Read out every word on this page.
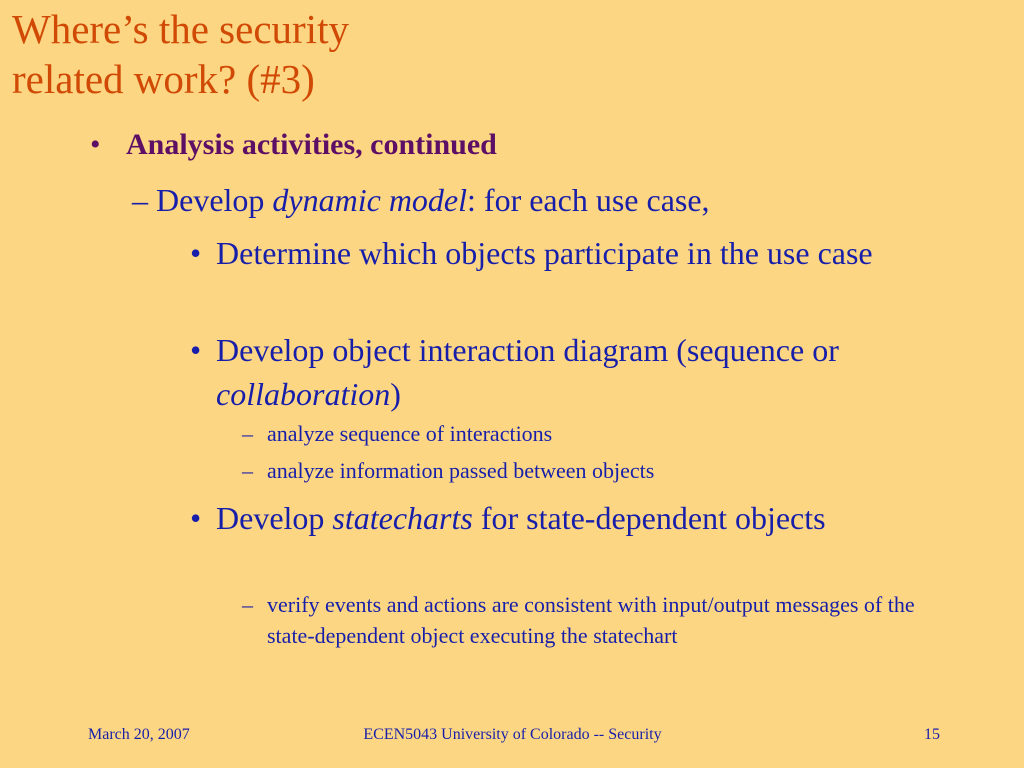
Where’s the security
related work? (#3)
• Analysis activities, continued
– Develop dynamic model: for each use case,
• Determine which objects participate in the use case
• Develop object interaction diagram (sequence or collaboration)
– analyze sequence of interactions
– analyze information passed between objects
• Develop statecharts for state-dependent objects
– verify events and actions are consistent with input/output messages of the state-dependent object executing the statechart
March 20, 2007	ECEN5043 University of Colorado -- Security	15
